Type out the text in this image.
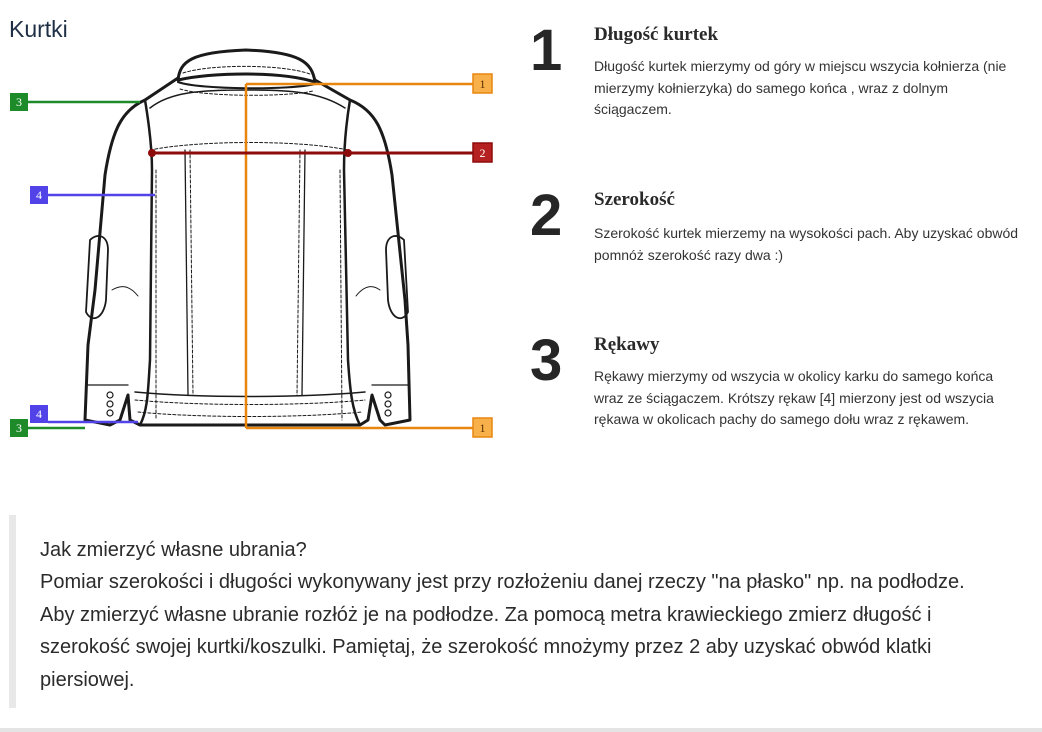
Kurtki
1
2
3
4
4
3	1
1 Długość kurtek
Długość kurtek mierzymy od góry w miejscu wszycia kołnierza (nie mierzymy kołnierzyka) do samego końca , wraz z dolnym ściągaczem.
2 Szerokość
Szerokość kurtek mierzemy na wysokości pach. Aby uzyskać obwód pomnóż szerokość razy dwa :)
3 Rękawy
Rękawy mierzymy od wszycia w okolicy karku do samego końca wraz ze ściągaczem. Krótszy rękaw [4] mierzony jest od wszycia rękawa w okolicach pachy do samego dołu wraz z rękawem.
Jak zmierzyć własne ubrania?
Pomiar szerokości i długości wykonywany jest przy rozłożeniu danej rzeczy "na płasko" np. na podłodze. Aby zmierzyć własne ubranie rozłóż je na podłodze. Za pomocą metra krawieckiego zmierz długość i szerokość swojej kurtki/koszulki. Pamiętaj, że szerokość mnożymy przez 2 aby uzyskać obwód klatki piersiowej.
